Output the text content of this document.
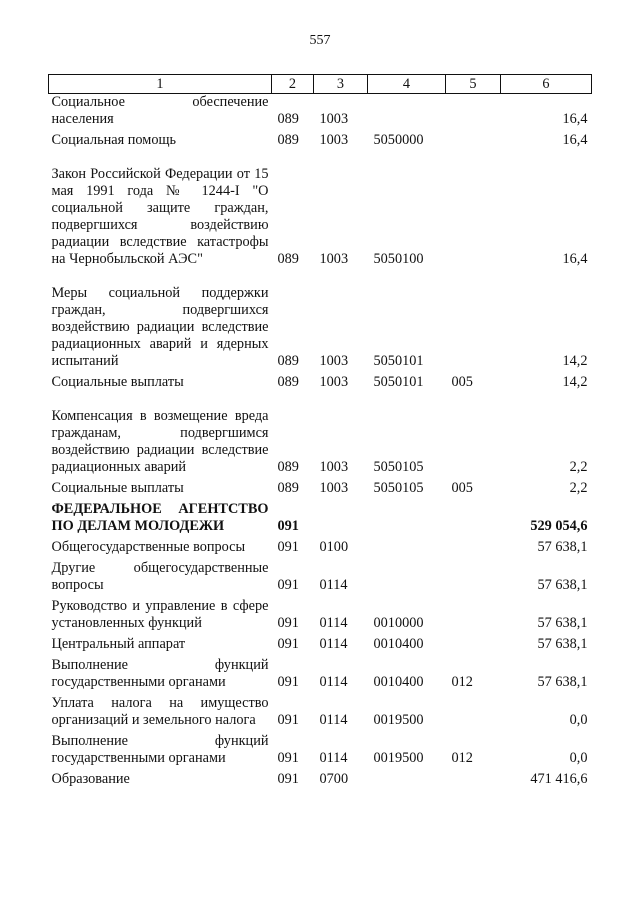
557
1	2	3	4	5	6
Социальное обеспечение населения	089	1003			16,4
Социальная помощь	089	1003	5050000		16,4
Закон Российской Федерации от 15 мая 1991 года № 1244-I "О социальной защите граждан, подвергшихся воздействию радиации вследствие катастрофы на Чернобыльской АЭС"	089	1003	5050100		16,4
Меры социальной поддержки граждан, подвергшихся воздействию радиации вследствие радиационных аварий и ядерных испытаний	089	1003	5050101		14,2
Социальные выплаты	089	1003	5050101	005	14,2
Компенсация в возмещение вреда гражданам, подвергшимся воздействию радиации вследствие радиационных аварий	089	1003	5050105		2,2
Социальные выплаты	089	1003	5050105	005	2,2
ФЕДЕРАЛЬНОЕ АГЕНТСТВО ПО ДЕЛАМ МОЛОДЕЖИ	091				529 054,6
Общегосударственные вопросы	091	0100			57 638,1
Другие общегосударственные вопросы	091	0114			57 638,1
Руководство и управление в сфере установленных функций	091	0114	0010000		57 638,1
Центральный аппарат	091	0114	0010400		57 638,1
Выполнение функций государственными органами	091	0114	0010400	012	57 638,1
Уплата налога на имущество организаций и земельного налога	091	0114	0019500		0,0
Выполнение функций государственными органами	091	0114	0019500	012	0,0
Образование	091	0700			471 416,6
